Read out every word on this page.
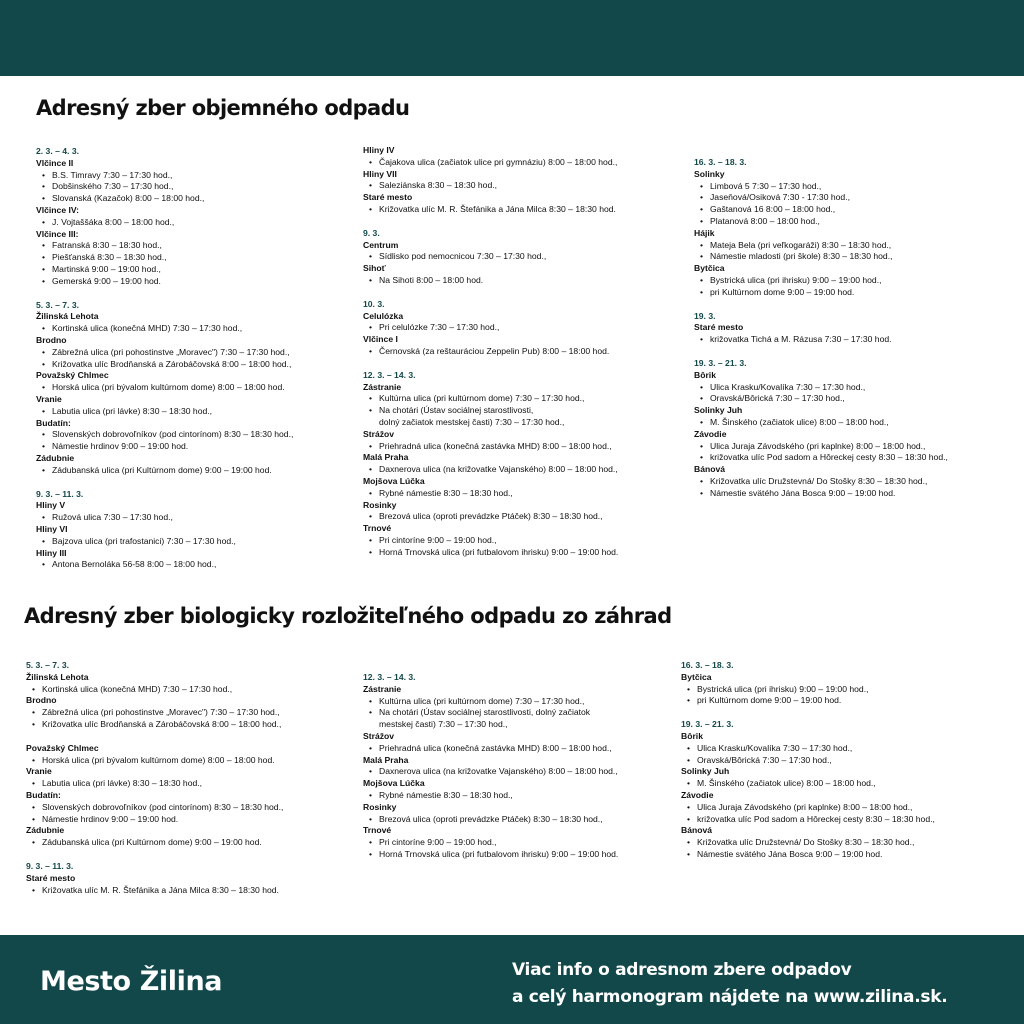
Adresný zber objemného odpadu
2. 3. – 4. 3.
Vlčince II
• B.S. Timravy 7:30 – 17:30 hod.,
• Dobšinského 7:30 – 17:30 hod.,
• Slovanská (Kazačok) 8:00 – 18:00 hod.,
Vlčince IV:
• J. Vojtaššáka 8:00 – 18:00 hod.,
Vlčince III:
• Fatranská 8:30 – 18:30 hod.,
• Piešťanská 8:30 – 18:30 hod.,
• Martinská 9:00 – 19:00 hod.,
• Gemerská 9:00 – 19:00 hod.
5. 3. – 7. 3.
Žilinská Lehota
• Kortinská ulica (konečná MHD) 7:30 – 17:30 hod.,
Brodno
• Zábrežná ulica (pri pohostinstve „Moravec") 7:30 – 17:30 hod.,
• Križovatka ulíc Brodňanská a Zárobáčovská 8:00 – 18:00 hod.,
Považský Chlmec
• Horská ulica (pri bývalom kultúrnom dome) 8:00 – 18:00 hod.
Vranie
• Labutia ulica (pri lávke) 8:30 – 18:30 hod.,
Budatín:
• Slovenských dobrovoľníkov (pod cintorínom) 8:30 – 18:30 hod.,
• Námestie hrdinov 9:00 – 19:00 hod.
Zádubnie
• Zádubanská ulica (pri Kultúrnom dome) 9:00 – 19:00 hod.
9. 3. – 11. 3.
Hliny V
• Ružová ulica 7:30 – 17:30 hod.,
Hliny VI
• Bajzova ulica (pri trafostanici) 7:30 – 17:30 hod.,
Hliny III
• Antona Bernoláka 56-58 8:00 – 18:00 hod.,
Hliny IV
• Čajakova ulica (začiatok ulice pri gymnáziu) 8:00 – 18:00 hod.,
Hliny VII
• Saleziánska 8:30 – 18:30 hod.,
Staré mesto
• Križovatka ulíc M. R. Štefánika a Jána Milca 8:30 – 18:30 hod.
9. 3.
Centrum
• Sídlisko pod nemocnicou 7:30 – 17:30 hod.,
Sihoť
• Na Sihoti 8:00 – 18:00 hod.
10. 3.
Celulózka
• Pri celulózke 7:30 – 17:30 hod.,
Vlčince I
• Černovská (za reštauráciou Zeppelin Pub) 8:00 – 18:00 hod.
12. 3. – 14. 3.
Zástranie
• Kultúrna ulica (pri kultúrnom dome) 7:30 – 17:30 hod.,
• Na chotári (Ústav sociálnej starostlivosti,
dolný začiatok mestskej časti) 7:30 – 17:30 hod.,
Strážov
• Priehradná ulica (konečná zastávka MHD) 8:00 – 18:00 hod.,
Malá Praha
• Daxnerova ulica (na križovatke Vajanského) 8:00 – 18:00 hod.,
Mojšova Lúčka
• Rybné námestie 8:30 – 18:30 hod.,
Rosinky
• Brezová ulica (oproti prevádzke Ptáček) 8:30 – 18:30 hod.,
Trnové
• Pri cintoríne 9:00 – 19:00 hod.,
• Horná Trnovská ulica (pri futbalovom ihrisku) 9:00 – 19:00 hod.
16. 3. – 18. 3.
Solinky
• Limbová 5 7:30 – 17:30 hod.,
• Jaseňová/Osiková 7:30 - 17:30 hod.,
• Gaštanová 16 8:00 – 18:00 hod.,
• Platanová 8:00 – 18:00 hod.,
Hájik
• Mateja Bela (pri veľkogaráži) 8:30 – 18:30 hod.,
• Námestie mladosti (pri škole) 8:30 – 18:30 hod.,
Bytčica
• Bystrická ulica (pri ihrisku) 9:00 – 19:00 hod.,
• pri Kultúrnom dome 9:00 – 19:00 hod.
19. 3.
Staré mesto
• križovatka Tichá a M. Rázusa 7:30 – 17:30 hod.
19. 3. – 21. 3.
Bôrik
• Ulica Krasku/Kovalíka 7:30 – 17:30 hod.,
• Oravská/Bôrická 7:30 – 17:30 hod.,
Solinky Juh
• M. Šinského (začiatok ulice) 8:00 – 18:00 hod.,
Závodie
• Ulica Juraja Závodského (pri kaplnke) 8:00 – 18:00 hod.,
• križovatka ulíc Pod sadom a Hôreckej cesty 8:30 – 18:30 hod.,
Bánová
• Križovatka ulíc Družstevná/ Do Stošky 8:30 – 18:30 hod.,
• Námestie svätého Jána Bosca 9:00 – 19:00 hod.
Adresný zber biologicky rozložiteľného odpadu zo záhrad
5. 3. – 7. 3.
Žilinská Lehota
• Kortinská ulica (konečná MHD) 7:30 – 17:30 hod.,
Brodno
• Zábrežná ulica (pri pohostinstve „Moravec") 7:30 – 17:30 hod.,
• Križovatka ulíc Brodňanská a Zárobáčovská 8:00 – 18:00 hod.,
Považský Chlmec
• Horská ulica (pri bývalom kultúrnom dome) 8:00 – 18:00 hod.
Vranie
• Labutia ulica (pri lávke) 8:30 – 18:30 hod.,
Budatín:
• Slovenských dobrovoľníkov (pod cintorínom) 8:30 – 18:30 hod.,
• Námestie hrdinov 9:00 – 19:00 hod.
Zádubnie
• Zádubanská ulica (pri Kultúrnom dome) 9:00 – 19:00 hod.
9. 3. – 11. 3.
Staré mesto
• Križovatka ulíc M. R. Štefánika a Jána Milca 8:30 – 18:30 hod.
12. 3. – 14. 3.
Zástranie
• Kultúrna ulica (pri kultúrnom dome) 7:30 – 17:30 hod.,
• Na chotári (Ústav sociálnej starostlivosti, dolný začiatok
mestskej časti) 7:30 – 17:30 hod.,
Strážov
• Priehradná ulica (konečná zastávka MHD) 8:00 – 18:00 hod.,
Malá Praha
• Daxnerova ulica (na križovatke Vajanského) 8:00 – 18:00 hod.,
Mojšova Lúčka
• Rybné námestie 8:30 – 18:30 hod.,
Rosinky
• Brezová ulica (oproti prevádzke Ptáček) 8:30 – 18:30 hod.,
Trnové
• Pri cintoríne 9:00 – 19:00 hod.,
• Horná Trnovská ulica (pri futbalovom ihrisku) 9:00 – 19:00 hod.
16. 3. – 18. 3.
Bytčica
• Bystrická ulica (pri ihrisku) 9:00 – 19:00 hod.,
• pri Kultúrnom dome 9:00 – 19:00 hod.
19. 3. – 21. 3.
Bôrik
• Ulica Krasku/Kovalíka 7:30 – 17:30 hod.,
• Oravská/Bôrická 7:30 – 17:30 hod.,
Solinky Juh
• M. Šinského (začiatok ulice) 8:00 – 18:00 hod.,
Závodie
• Ulica Juraja Závodského (pri kaplnke) 8:00 – 18:00 hod.,
• križovatka ulíc Pod sadom a Hôreckej cesty 8:30 – 18:30 hod.,
Bánová
• Križovatka ulíc Družstevná/ Do Stošky 8:30 – 18:30 hod.,
• Námestie svätého Jána Bosca 9:00 – 19:00 hod.
Mesto Žilina	Viac info o adresnom zbere odpadov
a celý harmonogram nájdete na www.zilina.sk.
